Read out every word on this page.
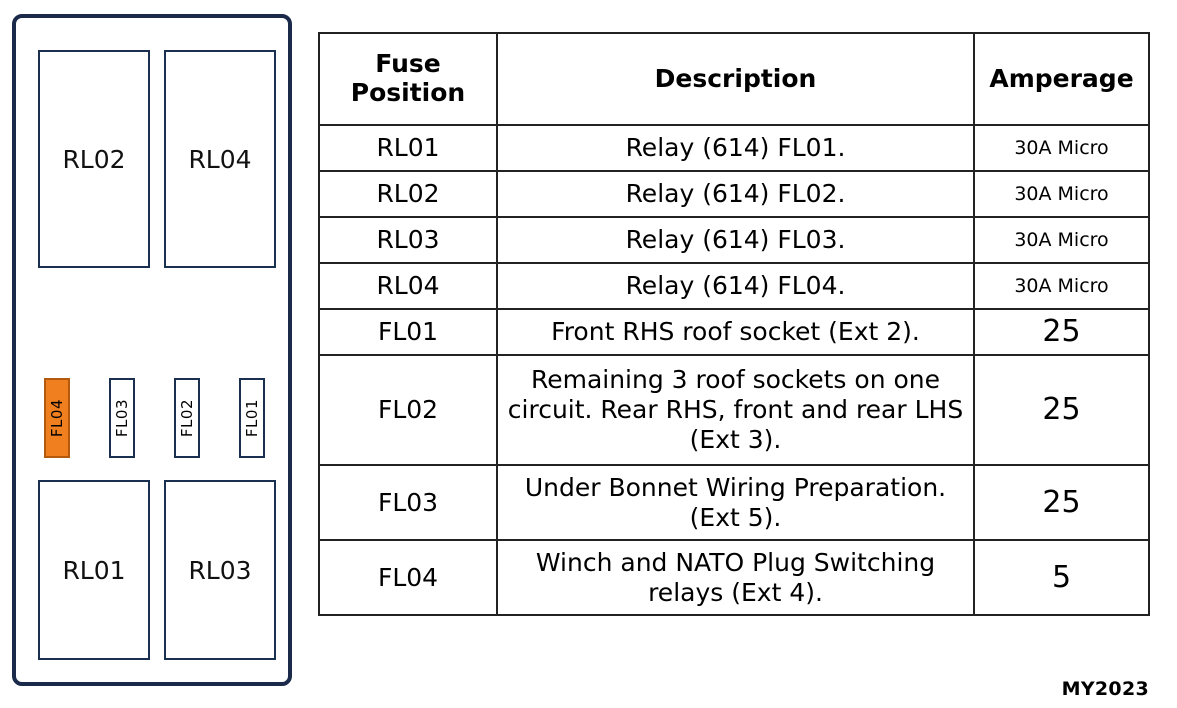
RL02	RL04
FL04	FL03	FL02	FL01
RL01	RL03
Fuse
Position	Description	Amperage
RL01	Relay (614) FL01.	30A Micro
RL02	Relay (614) FL02.	30A Micro
RL03	Relay (614) FL03.	30A Micro
RL04	Relay (614) FL04.	30A Micro
FL01	Front RHS roof socket (Ext 2).	25
FL02	Remaining 3 roof sockets on one circuit. Rear RHS, front and rear LHS (Ext 3).	25
FL03	Under Bonnet Wiring Preparation. (Ext 5).	25
FL04	Winch and NATO Plug Switching relays (Ext 4).	5
MY2023
